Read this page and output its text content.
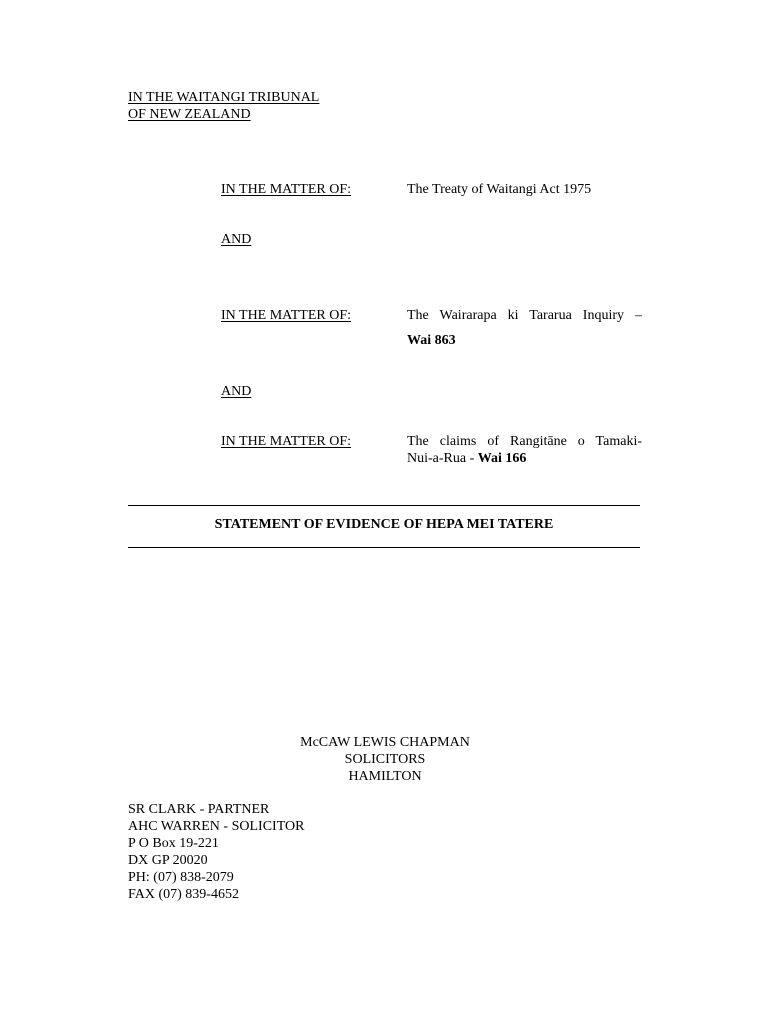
IN THE WAITANGI TRIBUNAL
OF NEW ZEALAND
IN THE MATTER OF:	The Treaty of Waitangi Act 1975
AND
IN THE MATTER OF:	The Wairarapa ki Tararua Inquiry –
Wai 863
AND
IN THE MATTER OF:	The claims of Rangitāne o Tamaki-
Nui-a-Rua - Wai 166
STATEMENT OF EVIDENCE OF HEPA MEI TATERE
McCAW LEWIS CHAPMAN
SOLICITORS
HAMILTON
SR CLARK - PARTNER
AHC WARREN - SOLICITOR
P O Box 19-221
DX GP 20020
PH: (07) 838-2079
FAX (07) 839-4652
